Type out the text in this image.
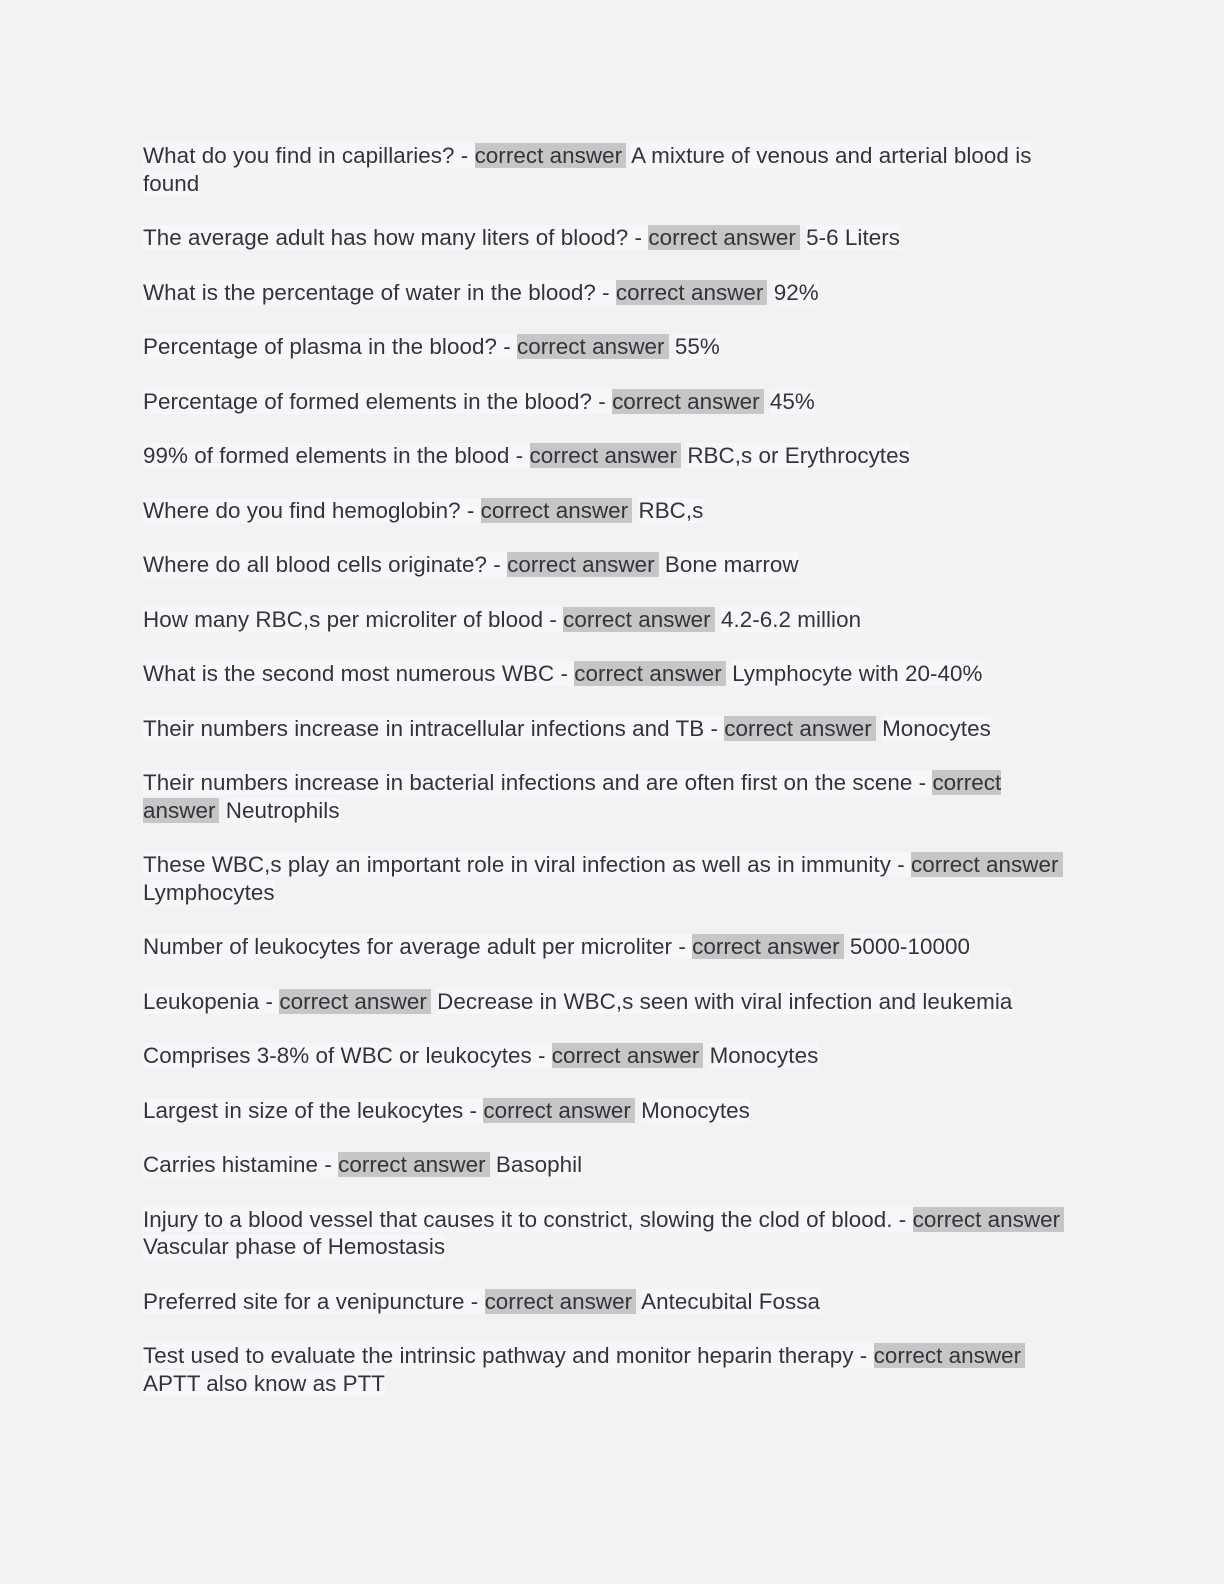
What do you find in capillaries? - correct answer A mixture of venous and arterial blood is found

The average adult has how many liters of blood? - correct answer 5-6 Liters

What is the percentage of water in the blood? - correct answer 92%

Percentage of plasma in the blood? - correct answer 55%

Percentage of formed elements in the blood? - correct answer 45%

99% of formed elements in the blood - correct answer RBC,s or Erythrocytes

Where do you find hemoglobin? - correct answer RBC,s

Where do all blood cells originate? - correct answer Bone marrow

How many RBC,s per microliter of blood - correct answer 4.2-6.2 million

What is the second most numerous WBC - correct answer Lymphocyte with 20-40%

Their numbers increase in intracellular infections and TB - correct answer Monocytes

Their numbers increase in bacterial infections and are often first on the scene - correct answer Neutrophils

These WBC,s play an important role in viral infection as well as in immunity - correct answer Lymphocytes

Number of leukocytes for average adult per microliter - correct answer 5000-10000

Leukopenia - correct answer Decrease in WBC,s seen with viral infection and leukemia

Comprises 3-8% of WBC or leukocytes - correct answer Monocytes

Largest in size of the leukocytes - correct answer Monocytes

Carries histamine - correct answer Basophil

Injury to a blood vessel that causes it to constrict, slowing the clod of blood. - correct answer Vascular phase of Hemostasis

Preferred site for a venipuncture - correct answer Antecubital Fossa

Test used to evaluate the intrinsic pathway and monitor heparin therapy - correct answer APTT also know as PTT
